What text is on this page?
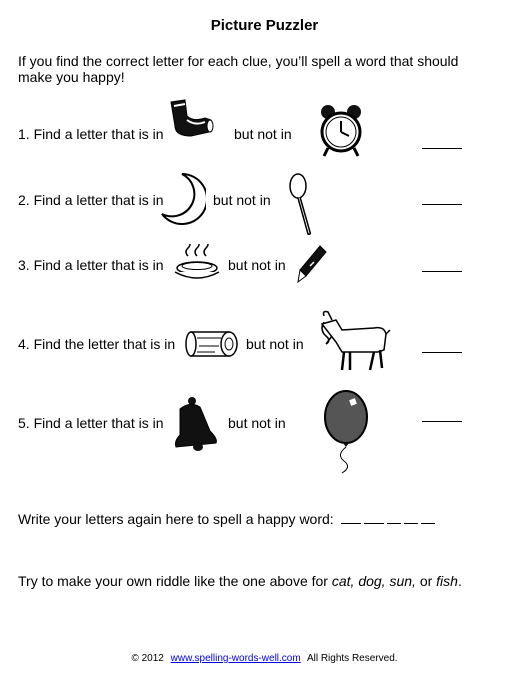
Picture Puzzler
If you find the correct letter for each clue, you’ll spell a word that should make you happy!
1. Find a letter that is in	but not in
2. Find a letter that is in	but not in
3. Find a letter that is in	but not in
4. Find the letter that is in	but not in
5. Find a letter that is in	but not in
Write your letters again here to spell a happy word:
Try to make your own riddle like the one above for cat, dog, sun, or fish.
© 2012 www.spelling-words-well.com All Rights Reserved.
